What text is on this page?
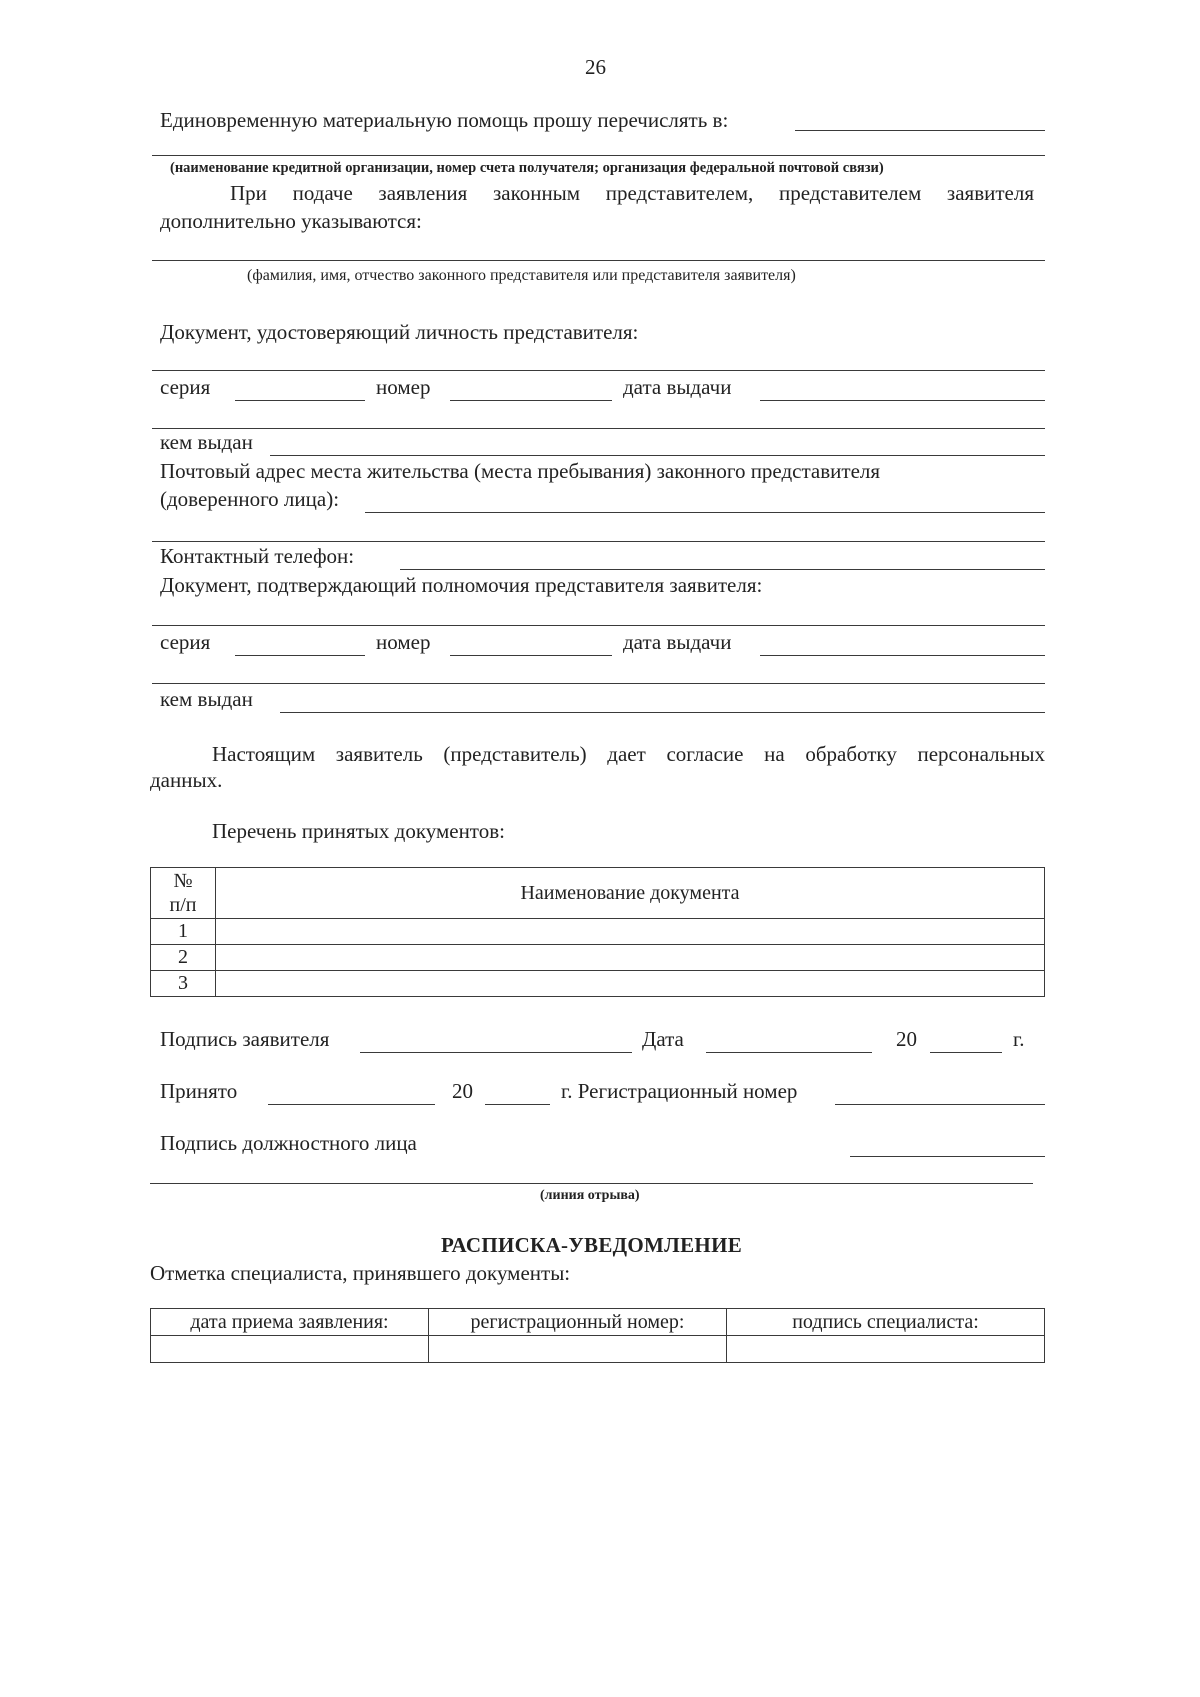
26
Единовременную материальную помощь прошу перечислять в:
(наименование кредитной организации, номер счета получателя; организация федеральной почтовой связи)
При подаче заявления законным представителем, представителем заявителя
дополнительно указываются:
(фамилия, имя, отчество законного представителя или представителя заявителя)
Документ, удостоверяющий личность представителя:
серия	номер	дата выдачи
кем выдан
Почтовый адрес места жительства (места пребывания) законного представителя
(доверенного лица):
Контактный телефон:
Документ, подтверждающий полномочия представителя заявителя:
серия	номер	дата выдачи
кем выдан
Настоящим заявитель (представитель) дает согласие на обработку персональных
данных.
Перечень принятых документов:
№
п/п	Наименование документа
1	
2	
3	
Подпись заявителя	Дата	20	г.
Принято	20	г. Регистрационный номер
Подпись должностного лица
(линия отрыва)
РАСПИСКА-УВЕДОМЛЕНИЕ
Отметка специалиста, принявшего документы:
дата приема заявления:	регистрационный номер:	подпись специалиста:
